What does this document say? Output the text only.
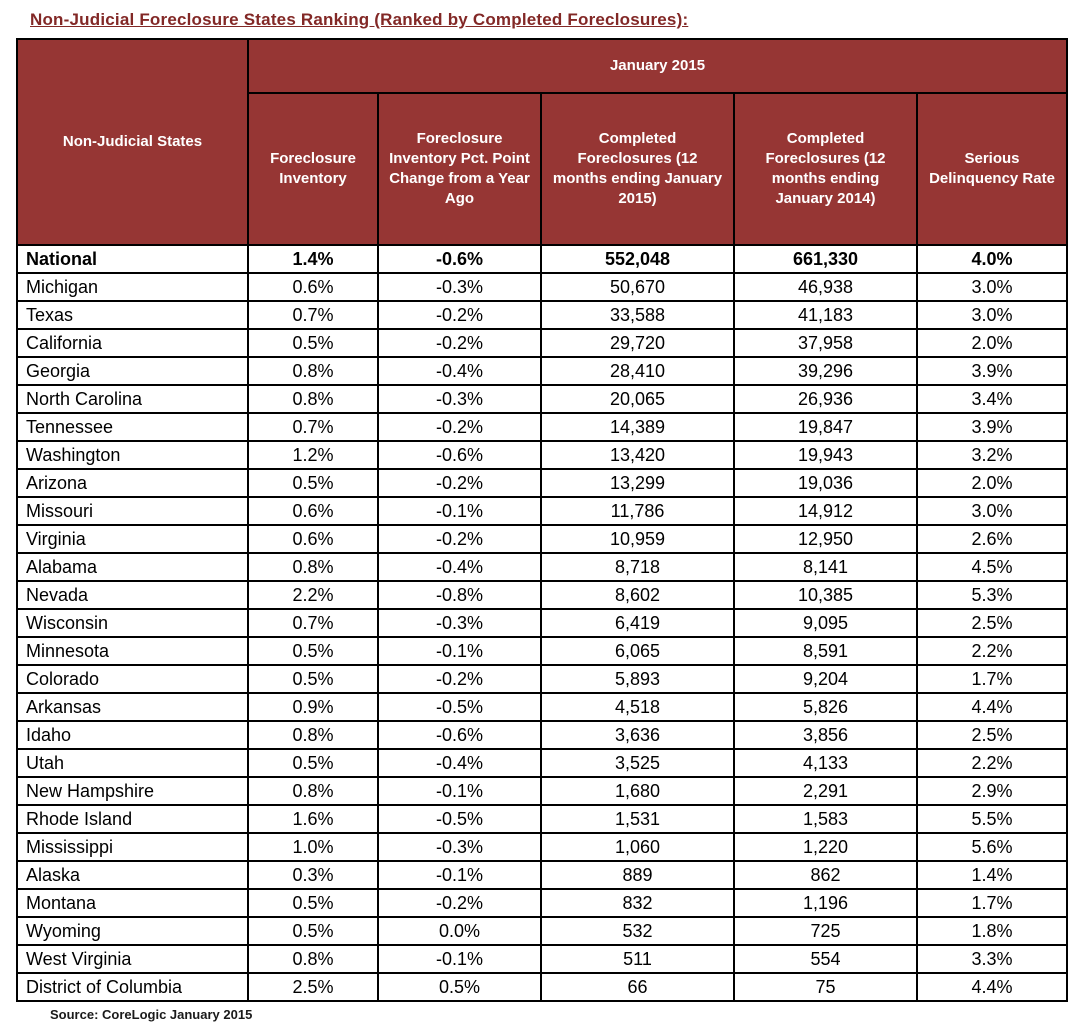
Non-Judicial Foreclosure States Ranking (Ranked by Completed Foreclosures):
Non-Judicial States	January 2015				
	Foreclosure Inventory	Foreclosure Inventory Pct. Point Change from a Year Ago	Completed Foreclosures (12 months ending January 2015)	Completed Foreclosures (12 months ending January 2014)	Serious Delinquency Rate
National	1.4%	-0.6%	552,048	661,330	4.0%
Michigan	0.6%	-0.3%	50,670	46,938	3.0%
Texas	0.7%	-0.2%	33,588	41,183	3.0%
California	0.5%	-0.2%	29,720	37,958	2.0%
Georgia	0.8%	-0.4%	28,410	39,296	3.9%
North Carolina	0.8%	-0.3%	20,065	26,936	3.4%
Tennessee	0.7%	-0.2%	14,389	19,847	3.9%
Washington	1.2%	-0.6%	13,420	19,943	3.2%
Arizona	0.5%	-0.2%	13,299	19,036	2.0%
Missouri	0.6%	-0.1%	11,786	14,912	3.0%
Virginia	0.6%	-0.2%	10,959	12,950	2.6%
Alabama	0.8%	-0.4%	8,718	8,141	4.5%
Nevada	2.2%	-0.8%	8,602	10,385	5.3%
Wisconsin	0.7%	-0.3%	6,419	9,095	2.5%
Minnesota	0.5%	-0.1%	6,065	8,591	2.2%
Colorado	0.5%	-0.2%	5,893	9,204	1.7%
Arkansas	0.9%	-0.5%	4,518	5,826	4.4%
Idaho	0.8%	-0.6%	3,636	3,856	2.5%
Utah	0.5%	-0.4%	3,525	4,133	2.2%
New Hampshire	0.8%	-0.1%	1,680	2,291	2.9%
Rhode Island	1.6%	-0.5%	1,531	1,583	5.5%
Mississippi	1.0%	-0.3%	1,060	1,220	5.6%
Alaska	0.3%	-0.1%	889	862	1.4%
Montana	0.5%	-0.2%	832	1,196	1.7%
Wyoming	0.5%	0.0%	532	725	1.8%
West Virginia	0.8%	-0.1%	511	554	3.3%
District of Columbia	2.5%	0.5%	66	75	4.4%
Source: CoreLogic January 2015
